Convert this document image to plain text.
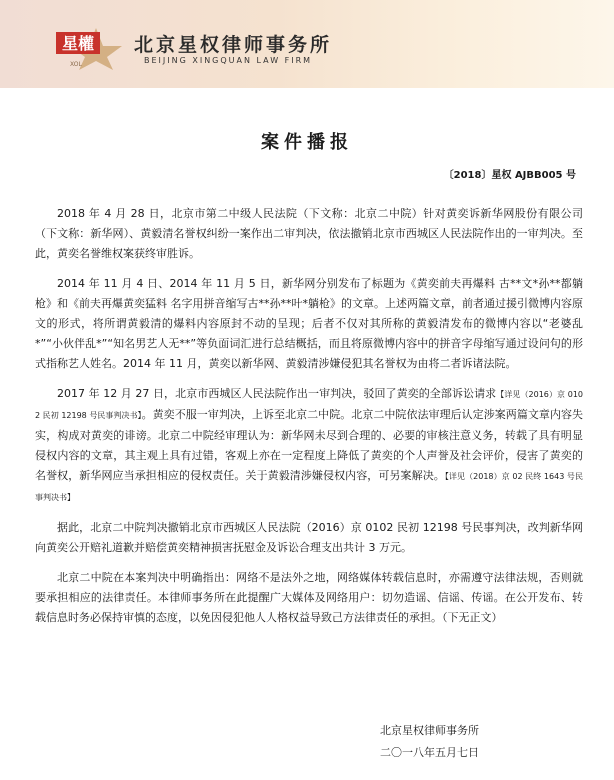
星權
XOL
北京星权律师事务所
BEIJING XINGQUAN LAW FIRM
案件播报
〔2018〕星权 AJBB005 号

2018 年 4 月 28 日，北京市第二中级人民法院（下文称：北京二中院）针对黄奕诉新华网股份有限公司（下文称：新华网）、黄毅清名誉权纠纷一案作出二审判决，依法撤销北京市西城区人民法院作出的一审判决。至此，黄奕名誉维权案获终审胜诉。

2014 年 11 月 4 日、2014 年 11 月 5 日，新华网分别发布了标题为《黄奕前夫再爆料 古**文*孙**都躺枪》和《前夫再爆黄奕猛料 名字用拼音缩写古**孙**叶*躺枪》的文章。上述两篇文章，前者通过援引微博内容原文的形式，将所谓黄毅清的爆料内容原封不动的呈现；后者不仅对其所称的黄毅清发布的微博内容以“老婆乱*”“小伙伴乱*”“知名男艺人无**”等负面词汇进行总结概括，而且将原微博内容中的拼音字母缩写通过设问句的形式指称艺人姓名。2014 年 11 月，黄奕以新华网、黄毅清涉嫌侵犯其名誉权为由将二者诉诸法院。

2017 年 12 月 27 日，北京市西城区人民法院作出一审判决，驳回了黄奕的全部诉讼请求【详见（2016）京 0102 民初 12198 号民事判决书】。黄奕不服一审判决，上诉至北京二中院。北京二中院依法审理后认定涉案两篇文章内容失实，构成对黄奕的诽谤。北京二中院经审理认为：新华网未尽到合理的、必要的审核注意义务，转载了具有明显侵权内容的文章，其主观上具有过错，客观上亦在一定程度上降低了黄奕的个人声誉及社会评价，侵害了黄奕的名誉权，新华网应当承担相应的侵权责任。关于黄毅清涉嫌侵权内容，可另案解决。【详见（2018）京 02 民终 1643 号民事判决书】

据此，北京二中院判决撤销北京市西城区人民法院（2016）京 0102 民初 12198 号民事判决，改判新华网向黄奕公开赔礼道歉并赔偿黄奕精神损害抚慰金及诉讼合理支出共计 3 万元。

北京二中院在本案判决中明确指出：网络不是法外之地，网络媒体转载信息时，亦需遵守法律法规，否则就要承担相应的法律责任。本律师事务所在此提醒广大媒体及网络用户：切勿造谣、信谣、传谣。在公开发布、转载信息时务必保持审慎的态度，以免因侵犯他人人格权益导致己方法律责任的承担。（下无正文）

北京星权律师事务所
二〇一八年五月七日
